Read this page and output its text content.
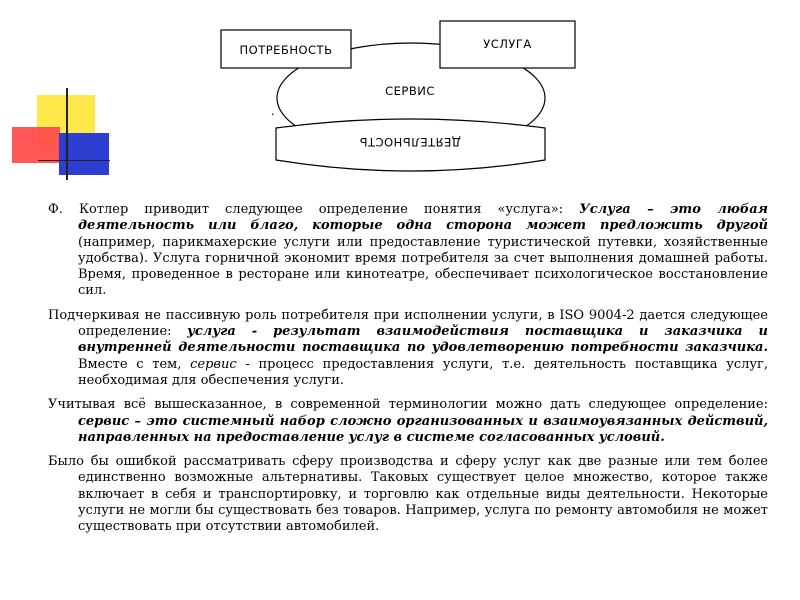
ПОТРЕБНОСТЬ	УСЛУГА
СЕРВИС
ДЕЯТЕЛЬНОСТЬ
.

Ф. Котлер приводит следующее определение понятия «услуга»: Услуга – это любая деятельность или благо, которые одна сторона может предложить другой (например, парикмахерские услуги или предоставление туристической путевки, хозяйственные удобства). Услуга горничной экономит время потребителя за счет выполнения домашней работы. Время, проведенное в ресторане или кинотеатре, обеспечивает психологическое восстановление сил.

Подчеркивая не пассивную роль потребителя при исполнении услуги, в ISO 9004-2 дается следующее определение: услуга - результат взаимодействия поставщика и заказчика и внутренней деятельности поставщика по удовлетворению потребности заказчика. Вместе с тем, сервис - процесс предоставления услуги, т.е. деятельность поставщика услуг, необходимая для обеспечения услуги.

Учитывая всё вышесказанное, в современной терминологии можно дать следующее определение: сервис – это системный набор сложно организованных и взаимоувязанных действий, направленных на предоставление услуг в системе согласованных условий.

Было бы ошибкой рассматривать сферу производства и сферу услуг как две разные или тем более единственно возможные альтернативы. Таковых существует целое множество, которое также включает в себя и транспортировку, и торговлю как отдельные виды деятельности. Некоторые услуги не могли бы существовать без товаров. Например, услуга по ремонту автомобиля не может существовать при отсутствии автомобилей.
